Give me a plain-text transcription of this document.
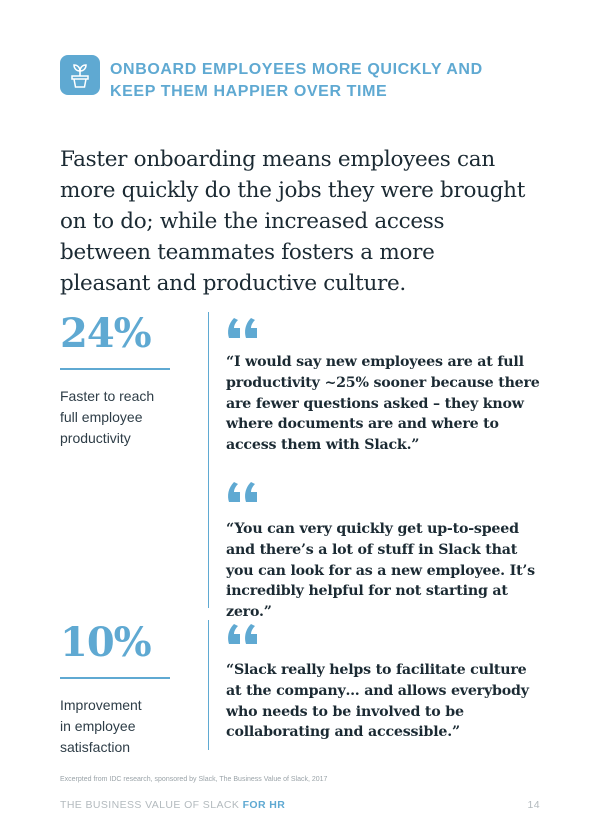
ONBOARD EMPLOYEES MORE QUICKLY AND
KEEP THEM HAPPIER OVER TIME
Faster onboarding means employees can more quickly do the jobs they were brought on to do; while the increased access between teammates fosters a more pleasant and productive culture.
24%
Faster to reach
full employee
productivity
10%
Improvement
in employee
satisfaction
“I would say new employees are at full productivity ~25% sooner because there are fewer questions asked – they know where documents are and where to access them with Slack.”
“You can very quickly get up-to-speed and there’s a lot of stuff in Slack that you can look for as a new employee. It’s incredibly helpful for not starting at zero.”
“Slack really helps to facilitate culture at the company… and allows everybody who needs to be involved to be collaborating and accessible.”
Excerpted from IDC research, sponsored by Slack, The Business Value of Slack, 2017
THE BUSINESS VALUE OF SLACK FOR HR	14
